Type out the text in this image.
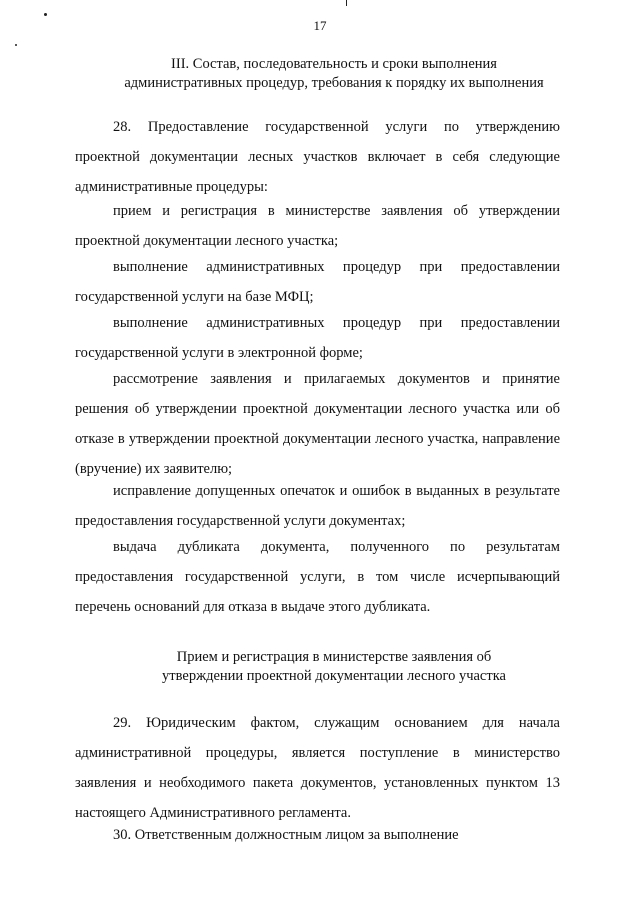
17
III. Состав, последовательность и сроки выполнения
административных процедур, требования к порядку их выполнения
28. Предоставление государственной услуги по утверждению проектной документации лесных участков включает в себя следующие административные процедуры:
прием и регистрация в министерстве заявления об утверждении проектной документации лесного участка;
выполнение административных процедур при предоставлении государственной услуги на базе МФЦ;
выполнение административных процедур при предоставлении государственной услуги в электронной форме;
рассмотрение заявления и прилагаемых документов и принятие решения об утверждении проектной документации лесного участка или об отказе в утверждении проектной документации лесного участка, направление (вручение) их заявителю;
исправление допущенных опечаток и ошибок в выданных в результате предоставления государственной услуги документах;
выдача дубликата документа, полученного по результатам предоставления государственной услуги, в том числе исчерпывающий перечень оснований для отказа в выдаче этого дубликата.
Прием и регистрация в министерстве заявления об
утверждении проектной документации лесного участка
29. Юридическим фактом, служащим основанием для начала административной процедуры, является поступление в министерство заявления и необходимого пакета документов, установленных пунктом 13 настоящего Административного регламента.
30. Ответственным должностным лицом за выполнение
